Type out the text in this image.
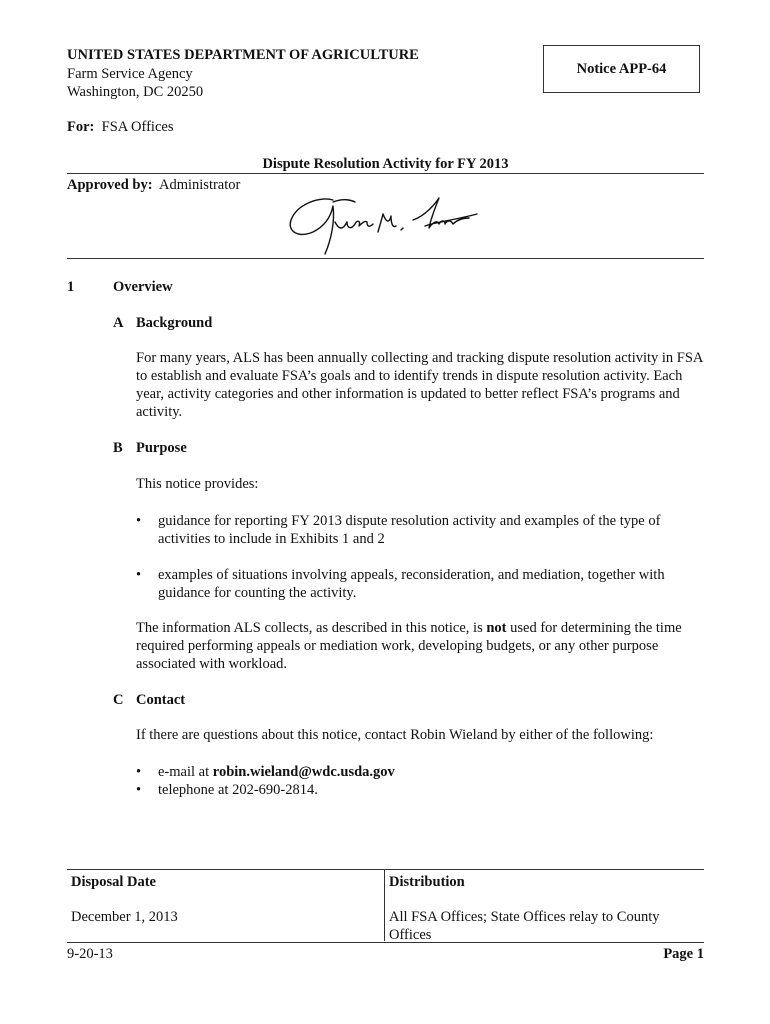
UNITED STATES DEPARTMENT OF AGRICULTURE
Farm Service Agency
Washington, DC 20250
Notice APP-64
For: FSA Offices
Dispute Resolution Activity for FY 2013
Approved by: Administrator
1	Overview
A Background

For many years, ALS has been annually collecting and tracking dispute resolution activity in FSA to establish and evaluate FSA’s goals and to identify trends in dispute resolution activity. Each year, activity categories and other information is updated to better reflect FSA’s programs and activity.

B Purpose
This notice provides:
• guidance for reporting FY 2013 dispute resolution activity and examples of the type of activities to include in Exhibits 1 and 2
• examples of situations involving appeals, reconsideration, and mediation, together with guidance for counting the activity.

The information ALS collects, as described in this notice, is not used for determining the time required performing appeals or mediation work, developing budgets, or any other purpose associated with workload.

C Contact
If there are questions about this notice, contact Robin Wieland by either of the following:
• e-mail at robin.wieland@wdc.usda.gov
• telephone at 202-690-2814.
Disposal Date	Distribution
December 1, 2013	All FSA Offices; State Offices relay to County Offices
9-20-13	Page 1
